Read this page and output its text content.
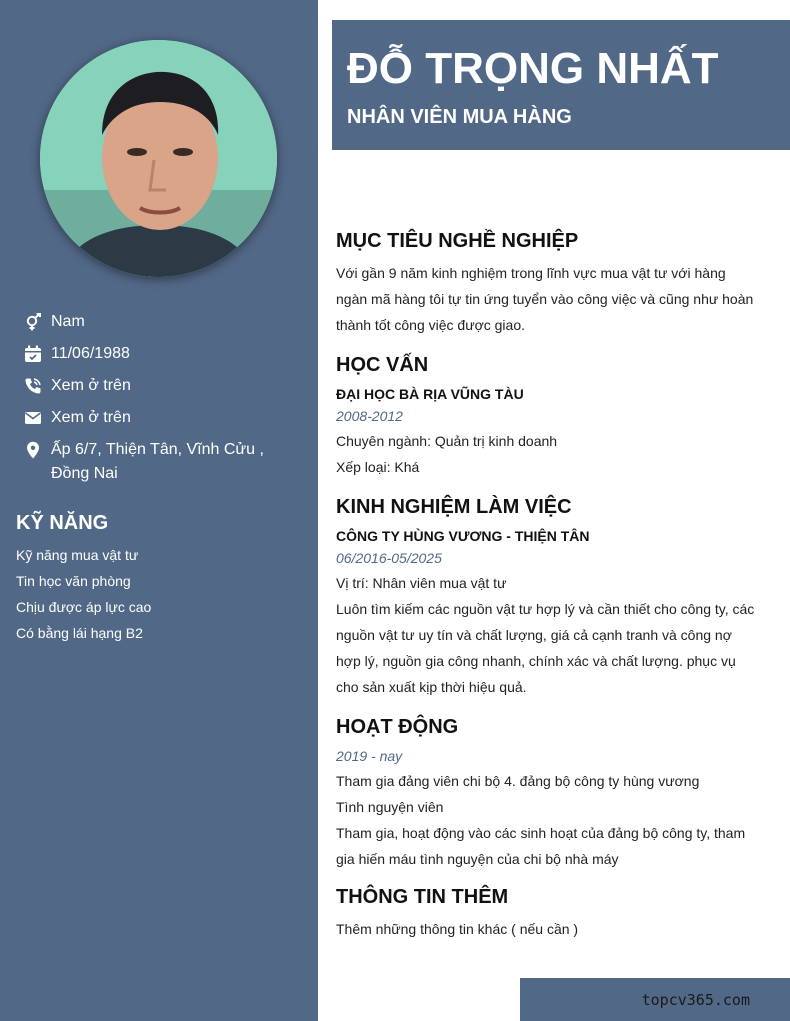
Nam
11/06/1988
Xem ở trên
Xem ở trên
Ấp 6/7, Thiện Tân, Vĩnh Cửu , Đồng Nai
KỸ NĂNG
Kỹ năng mua vật tư
Tin học văn phòng
Chịu được áp lực cao
Có bằng lái hạng B2
ĐỖ TRỌNG NHẤT
NHÂN VIÊN MUA HÀNG
MỤC TIÊU NGHỀ NGHIỆP

Với gần 9 năm kinh nghiệm trong lĩnh vực mua vật tư với hàng ngàn mã hàng tôi tự tin ứng tuyển vào công việc và cũng như hoàn thành tốt công việc được giao.

HỌC VẤN
ĐẠI HỌC BÀ RỊA VŨNG TÀU
2008-2012

Chuyên ngành: Quản trị kinh doanh

Xếp loại: Khá

KINH NGHIỆM LÀM VIỆC
CÔNG TY HÙNG VƯƠNG - THIỆN TÂN
06/2016-05/2025

Vị trí: Nhân viên mua vật tư

Luôn tìm kiếm các nguồn vật tư hợp lý và cần thiết cho công ty, các nguồn vật tư uy tín và chất lượng, giá cả cạnh tranh và công nợ hợp lý, nguồn gia công nhanh, chính xác và chất lượng. phục vụ cho sản xuất kịp thời hiệu quả.

HOẠT ĐỘNG
2019 - nay

Tham gia đảng viên chi bộ 4. đảng bộ công ty hùng vương

Tình nguyện viên

Tham gia, hoạt động vào các sinh hoạt của đảng bộ công ty, tham gia hiến máu tình nguyện của chi bộ nhà máy

THÔNG TIN THÊM

Thêm những thông tin khác ( nếu cần )

topcv365.com
